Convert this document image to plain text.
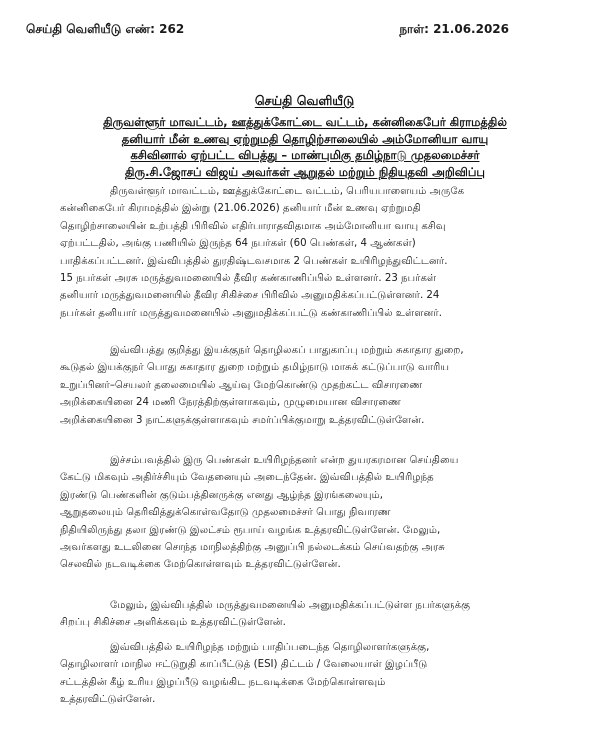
செய்தி வெளியீடு எண்: 262	நாள்: 21.06.2026
செய்தி வெளியீடு
திருவள்ளூர் மாவட்டம், ஊத்துக்கோட்டை வட்டம், கன்னிகைபேர் கிராமத்தில்
தனியார் மீன் உணவு ஏற்றுமதி தொழிற்சாலையில் அம்மோனியா வாயு
கசிவினால் ஏற்பட்ட விபத்து – மாண்புமிகு தமிழ்நாடு முதலமைச்சர்
திரு.சி.ஜோசப் விஜய் அவர்கள் ஆறுதல் மற்றும் நிதியுதவி அறிவிப்பு
திருவள்ளூர் மாவட்டம், ஊத்துக்கோட்டை வட்டம், பெரியபாளையம் அருகே
கன்னிகைபேர் கிராமத்தில் இன்று (21.06.2026) தனியார் மீன் உணவு ஏற்றுமதி
தொழிற்சாலையின் உற்பத்தி பிரிவில் எதிர்பாராதவிதமாக அம்மோனியா வாயு கசிவு
ஏற்பட்டதில், அங்கு பணியில் இருந்த 64 நபர்கள் (60 பெண்கள், 4 ஆண்கள்)
பாதிக்கப்பட்டனர். இவ்விபத்தில் துரதிஷ்டவசமாக 2 பெண்கள் உயிரிழந்துவிட்டனர்.
15 நபர்கள் அரசு மருத்துவமனையில் தீவிர கண்காணிப்பில் உள்ளனர். 23 நபர்கள்
தனியார் மருத்துவமனையில் தீவிர சிகிச்சை பிரிவில் அனுமதிக்கப்பட்டுள்ளனர். 24
நபர்கள் தனியார் மருத்துவமனையில் அனுமதிக்கப்பட்டு கண்காணிப்பில் உள்ளனர்.
இவ்விபத்து குறித்து இயக்குநர் தொழிலகப் பாதுகாப்பு மற்றும் சுகாதார துறை,
கூடுதல் இயக்குநர் பொது சுகாதார துறை மற்றும் தமிழ்நாடு மாசுக் கட்டுப்பாடு வாரிய
உறுப்பினர்–செயலர் தலைமையில் ஆய்வு மேற்கொண்டு முதற்கட்ட விசாரணை
அறிக்கையினை 24 மணி நேரத்திற்குள்ளாகவும், முழுமையான விசாரணை
அறிக்கையினை 3 நாட்களுக்குள்ளாகவும் சமர்ப்பிக்குமாறு உத்தரவிட்டுள்ளேன்.
இச்சம்பவத்தில் இரு பெண்கள் உயிரிழந்தனர் என்ற துயரகரமான செய்தியை
கேட்டு மிகவும் அதிர்ச்சியும் வேதனையும் அடைந்தேன். இவ்விபத்தில் உயிரிழந்த
இரண்டு பெண்களின் குடும்பத்தினருக்கு எனது ஆழ்ந்த இரங்கலையும்,
ஆறுதலையும் தெரிவித்துக்கொள்வதோடு முதலமைச்சர் பொது நிவாரண
நிதியிலிருந்து தலா இரண்டு இலட்சம் ரூபாய் வழங்க உத்தரவிட்டுள்ளேன். மேலும்,
அவர்களது உடலினை சொந்த மாநிலத்திற்கு அனுப்பி நல்லடக்கம் செய்வதற்கு அரசு
செலவில் நடவடிக்கை மேற்கொள்ளவும் உத்தரவிட்டுள்ளேன்.
மேலும், இவ்விபத்தில் மருத்துவமனையில் அனுமதிக்கப்பட்டுள்ள நபர்களுக்கு
சிறப்பு சிகிச்சை அளிக்கவும் உத்தரவிட்டுள்ளேன்.
இவ்விபத்தில் உயிரிழந்த மற்றும் பாதிப்படைந்த தொழிலாளர்களுக்கு,
தொழிலாளர் மாநில ஈட்டுறுதி காப்பீட்டுத் (ESI) திட்டம் / வேலையாள் இழப்பீடு
சட்டத்தின் கீழ் உரிய இழப்பீடு வழங்கிட நடவடிக்கை மேற்கொள்ளவும்
உத்தரவிட்டுள்ளேன்.
